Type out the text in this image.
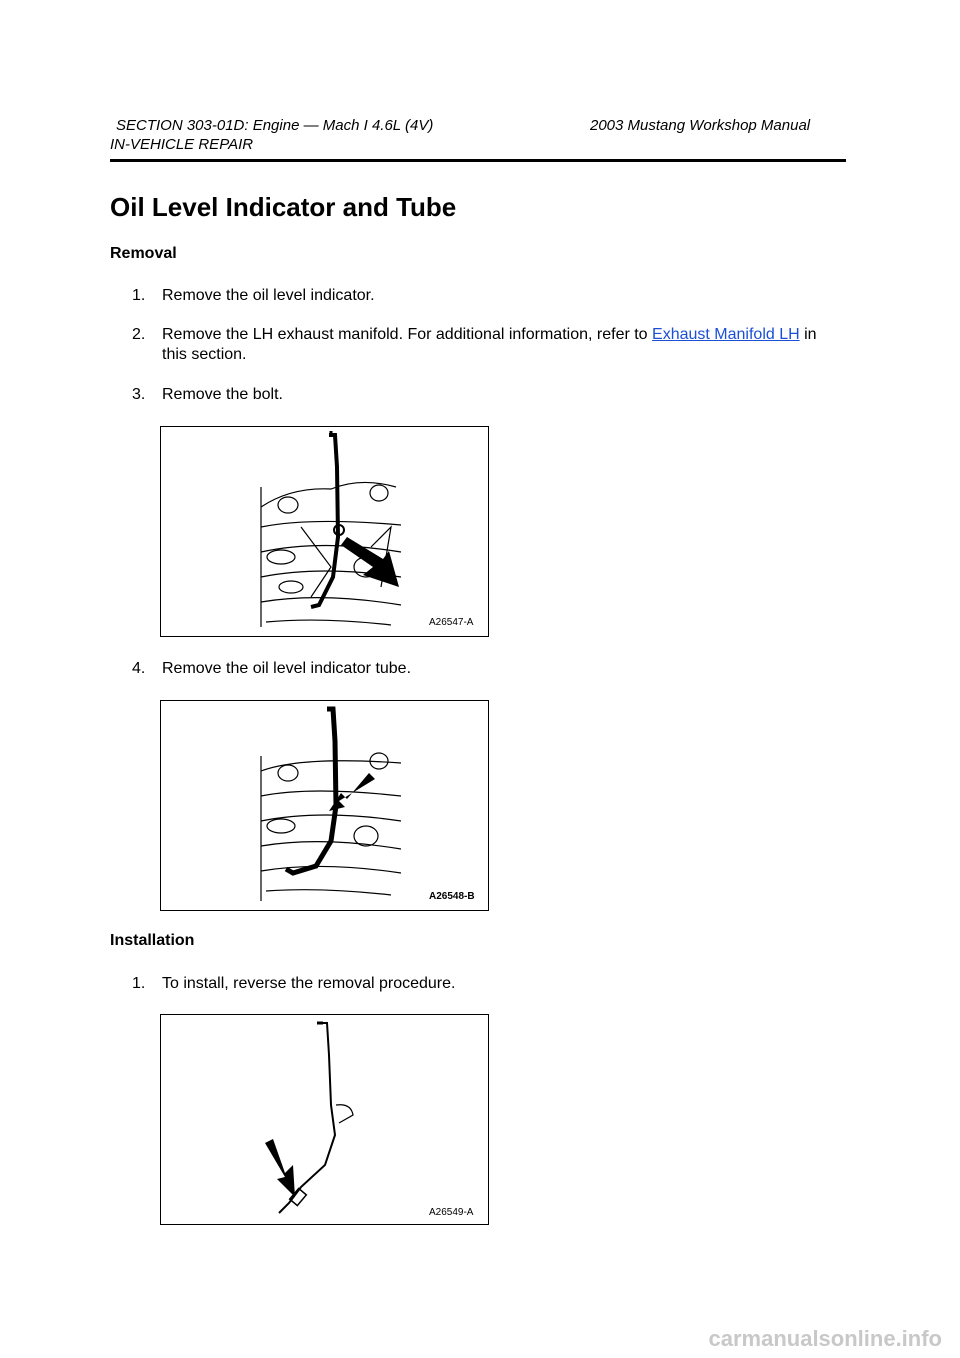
SECTION 303-01D: Engine — Mach I 4.6L (4V)	2003 Mustang Workshop Manual
IN-VEHICLE REPAIR
Oil Level Indicator and Tube
Removal
1.	Remove the oil level indicator.
2.	Remove the LH exhaust manifold. For additional information, refer to Exhaust Manifold LH in
this section.
3.	Remove the bolt.
A26547-A
4.	Remove the oil level indicator tube.
A26548-B
Installation
1.	To install, reverse the removal procedure.
A26549-A
carmanualsonline.info
